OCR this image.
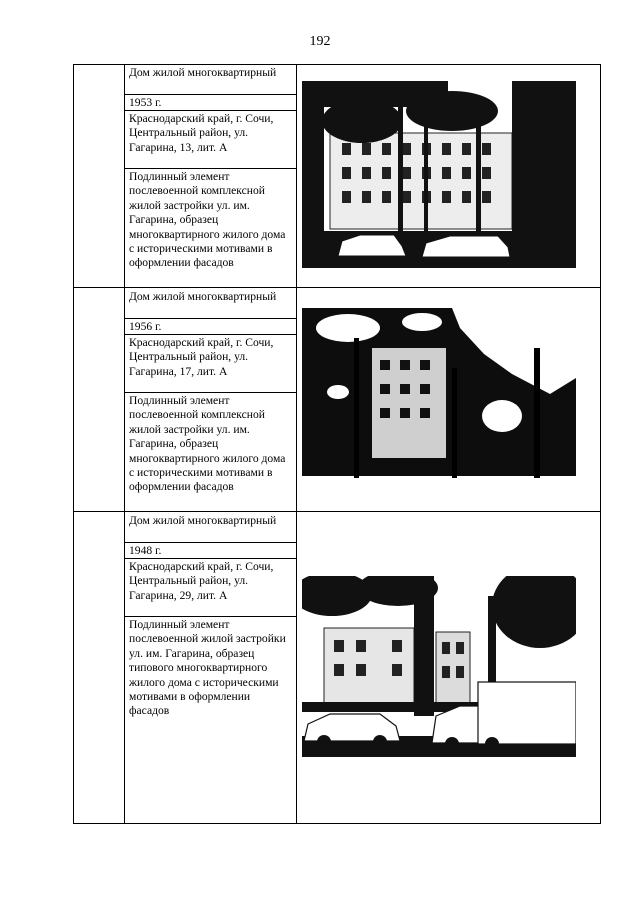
192
Дом жилой многоквартирный
1953 г.
Краснодарский край, г. Сочи, Центральный район, ул. Гагарина, 13, лит. А
Подлинный элемент послевоенной комплексной жилой застройки ул. им. Гагарина, образец многоквартирного жилого дома с историческими мотивами в оформлении фасадов
Дом жилой многоквартирный
1956 г.
Краснодарский край, г. Сочи, Центральный район, ул. Гагарина, 17, лит. А
Подлинный элемент послевоенной комплексной жилой застройки ул. им. Гагарина, образец многоквартирного жилого дома с историческими мотивами в оформлении фасадов
Дом жилой многоквартирный
1948 г.
Краснодарский край, г. Сочи, Центральный район, ул. Гагарина, 29, лит. А
Подлинный элемент послевоенной жилой застройки ул. им. Гагарина, образец типового многоквартирного жилого дома с историческими мотивами в оформлении фасадов
